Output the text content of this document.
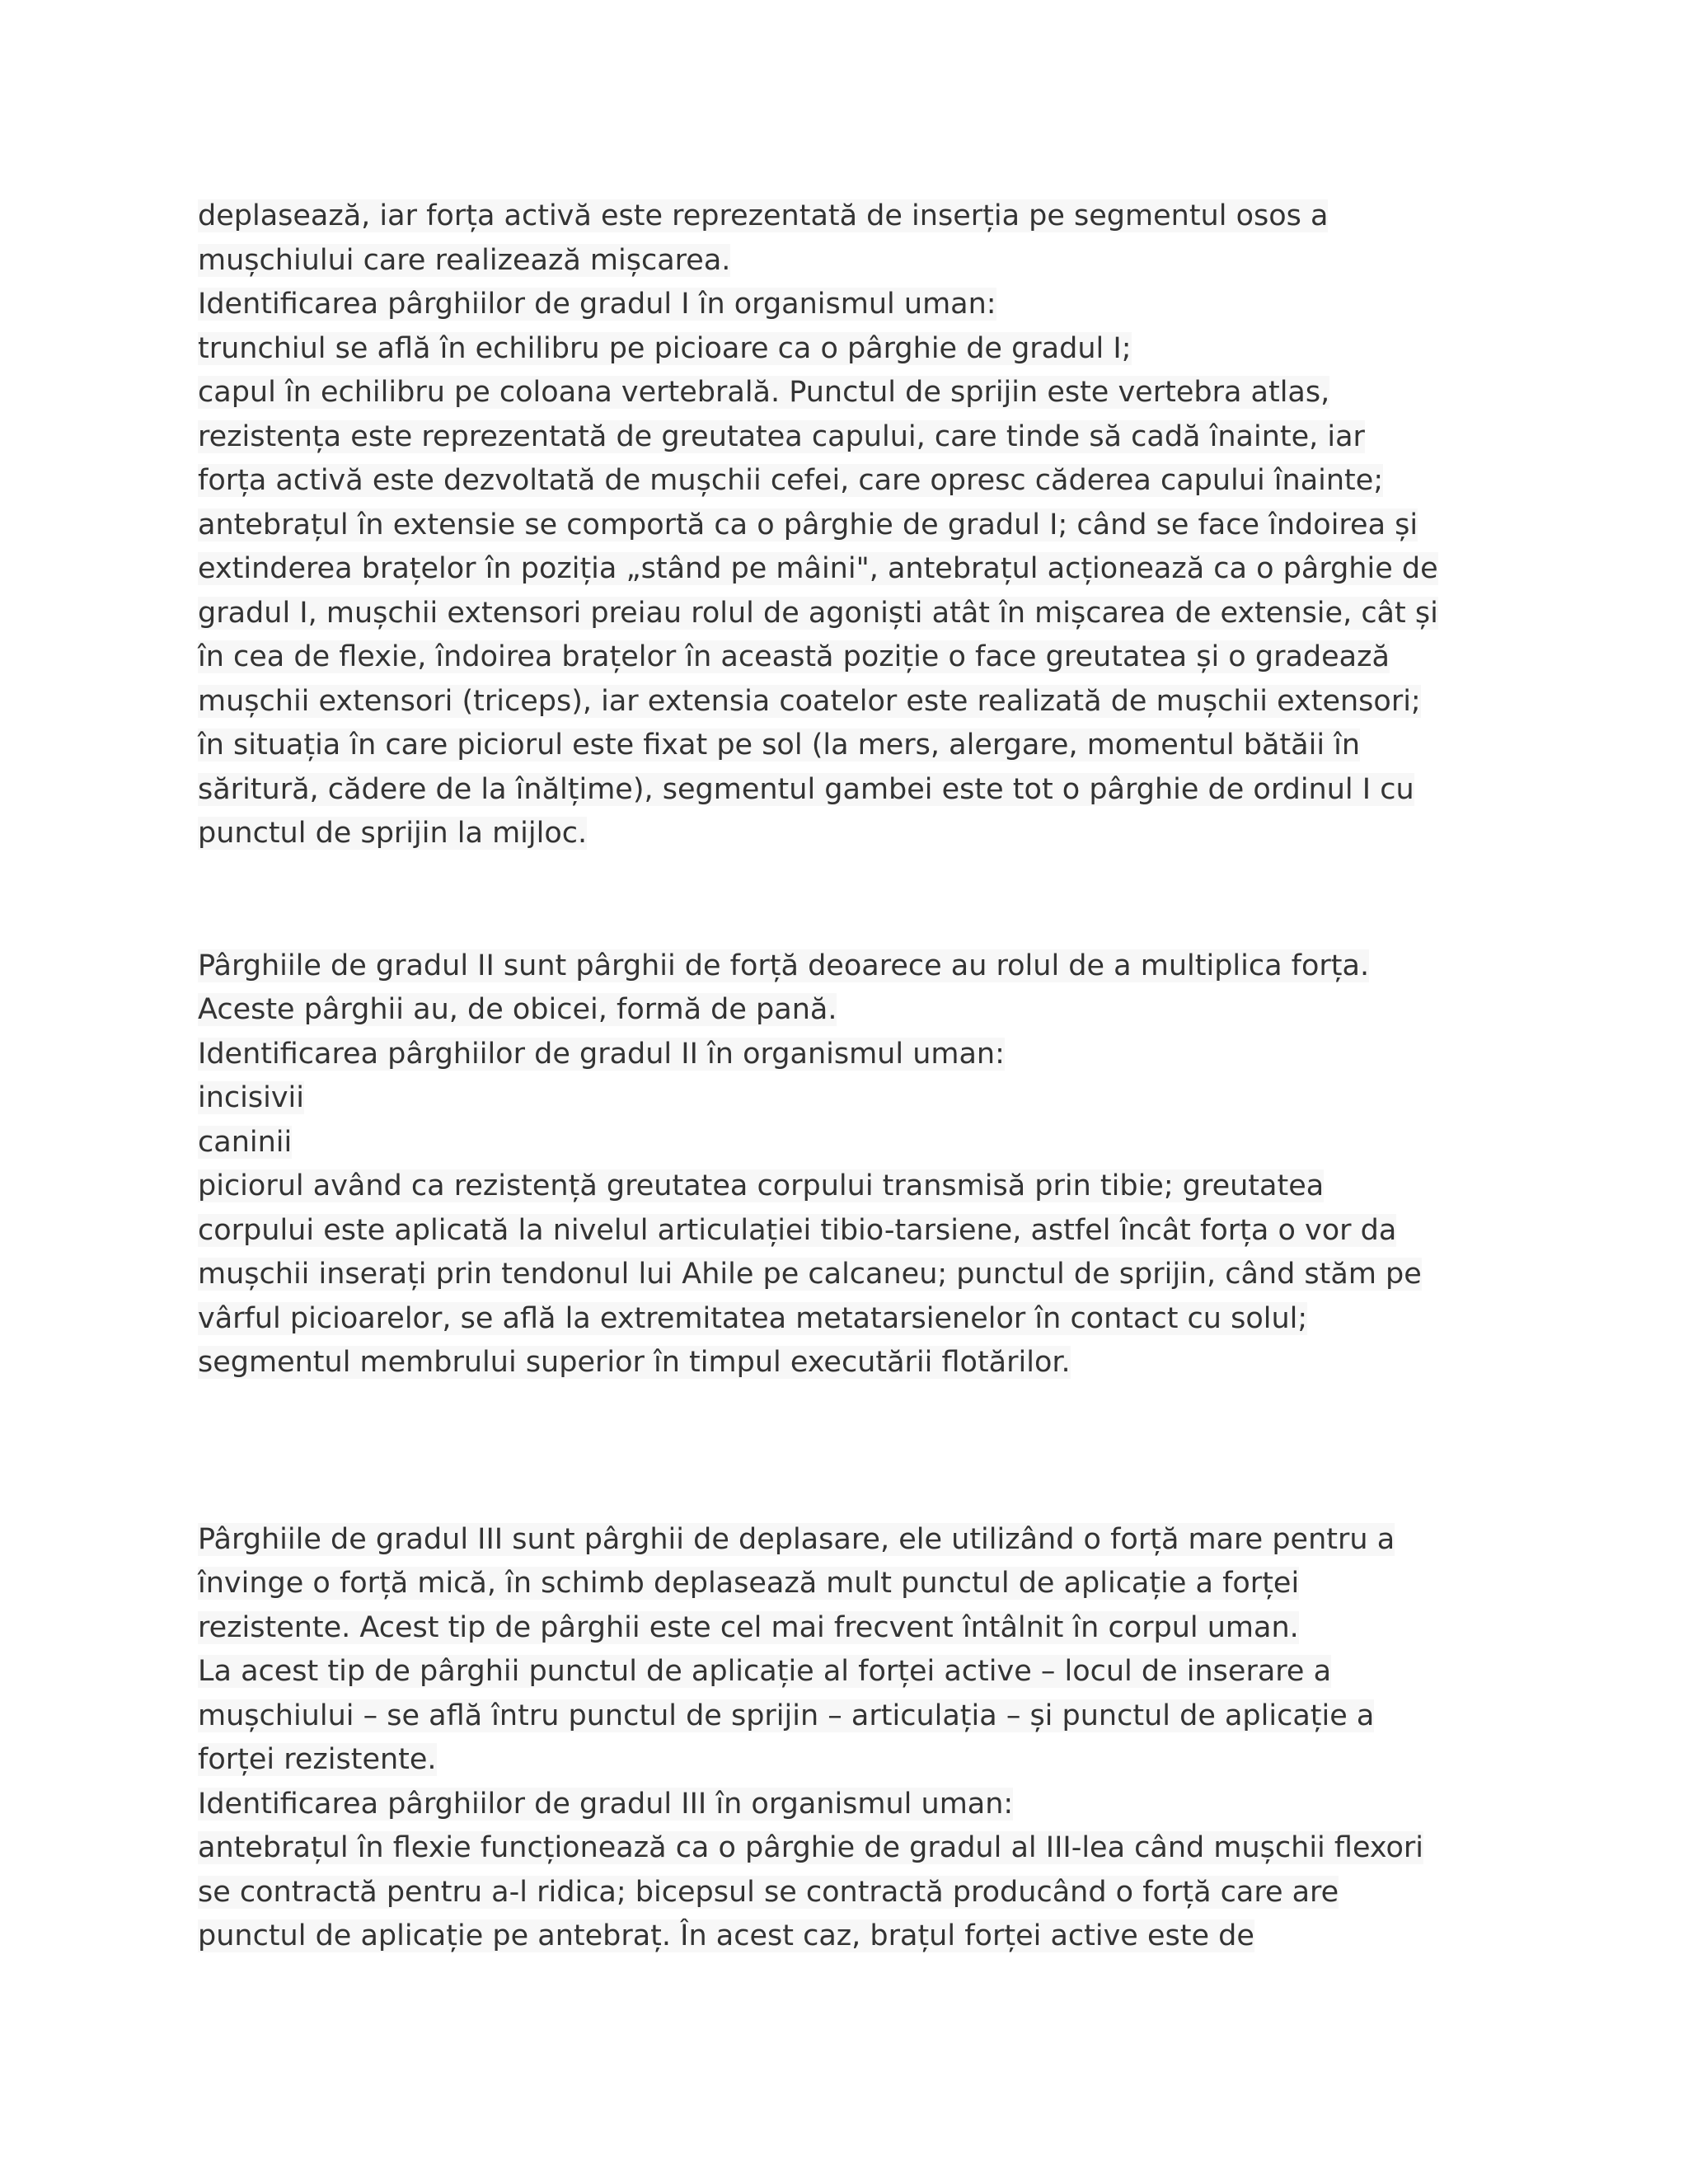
deplasează, iar forța activă este reprezentată de inserția pe segmentul osos a
mușchiului care realizează mișcarea.
Identificarea pârghiilor de gradul I în organismul uman:
trunchiul se află în echilibru pe picioare ca o pârghie de gradul I;
capul în echilibru pe coloana vertebrală. Punctul de sprijin este vertebra atlas,
rezistența este reprezentată de greutatea capului, care tinde să cadă înainte, iar
forța activă este dezvoltată de mușchii cefei, care opresc căderea capului înainte;
antebrațul în extensie se comportă ca o pârghie de gradul I; când se face îndoirea și
extinderea brațelor în poziția „stând pe mâini", antebrațul acționează ca o pârghie de
gradul I, mușchii extensori preiau rolul de agoniști atât în mișcarea de extensie, cât și
în cea de flexie, îndoirea brațelor în această poziție o face greutatea și o gradează
mușchii extensori (triceps), iar extensia coatelor este realizată de mușchii extensori;
în situația în care piciorul este fixat pe sol (la mers, alergare, momentul bătăii în
săritură, cădere de la înălțime), segmentul gambei este tot o pârghie de ordinul I cu
punctul de sprijin la mijloc.
Pârghiile de gradul II sunt pârghii de forță deoarece au rolul de a multiplica forța.
Aceste pârghii au, de obicei, formă de pană.
Identificarea pârghiilor de gradul II în organismul uman:
incisivii
caninii
piciorul având ca rezistență greutatea corpului transmisă prin tibie; greutatea
corpului este aplicată la nivelul articulației tibio-tarsiene, astfel încât forța o vor da
mușchii inserați prin tendonul lui Ahile pe calcaneu; punctul de sprijin, când stăm pe
vârful picioarelor, se află la extremitatea metatarsienelor în contact cu solul;
segmentul membrului superior în timpul executării flotărilor.
Pârghiile de gradul III sunt pârghii de deplasare, ele utilizând o forță mare pentru a
învinge o forță mică, în schimb deplasează mult punctul de aplicație a forței
rezistente. Acest tip de pârghii este cel mai frecvent întâlnit în corpul uman.
La acest tip de pârghii punctul de aplicație al forței active – locul de inserare a
mușchiului – se află întru punctul de sprijin – articulația – și punctul de aplicație a
forței rezistente.
Identificarea pârghiilor de gradul III în organismul uman:
antebrațul în flexie funcționează ca o pârghie de gradul al III-lea când mușchii flexori
se contractă pentru a-l ridica; bicepsul se contractă producând o forță care are
punctul de aplicație pe antebraț. În acest caz, brațul forței active este de
